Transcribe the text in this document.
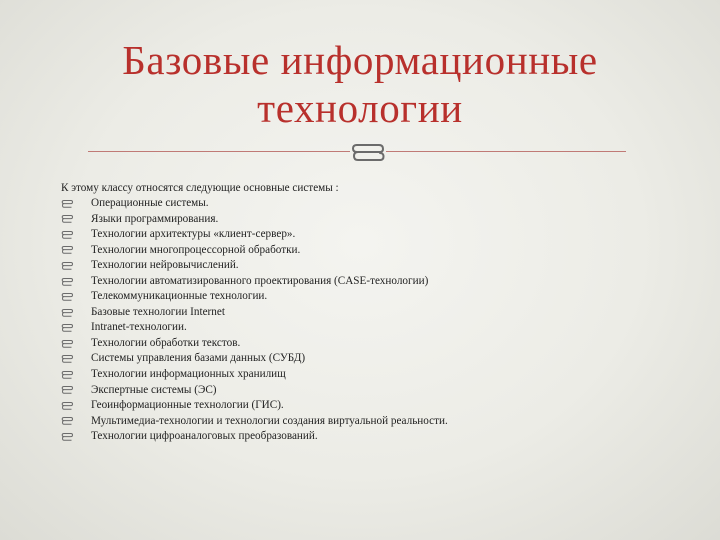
Базовые информационные
технологии
К этому классу относятся следующие основные системы :
Операционные системы.
Языки программирования.
Технологии архитектуры «клиент-сервер».
Технологии многопроцессорной обработки.
Технологии нейровычислений.
Технологии автоматизированного проектирования (CASE-технологии)
Телекоммуникационные технологии.
Базовые технологии Internet
Intranet-технологии.
Технологии обработки текстов.
Системы управления базами данных (СУБД)
Технологии информационных хранилищ
Экспертные системы (ЭС)
Геоинформационные технологии (ГИС).
Мультимедиа-технологии и технологии создания виртуальной реальности.
Технологии цифроаналоговых преобразований.
